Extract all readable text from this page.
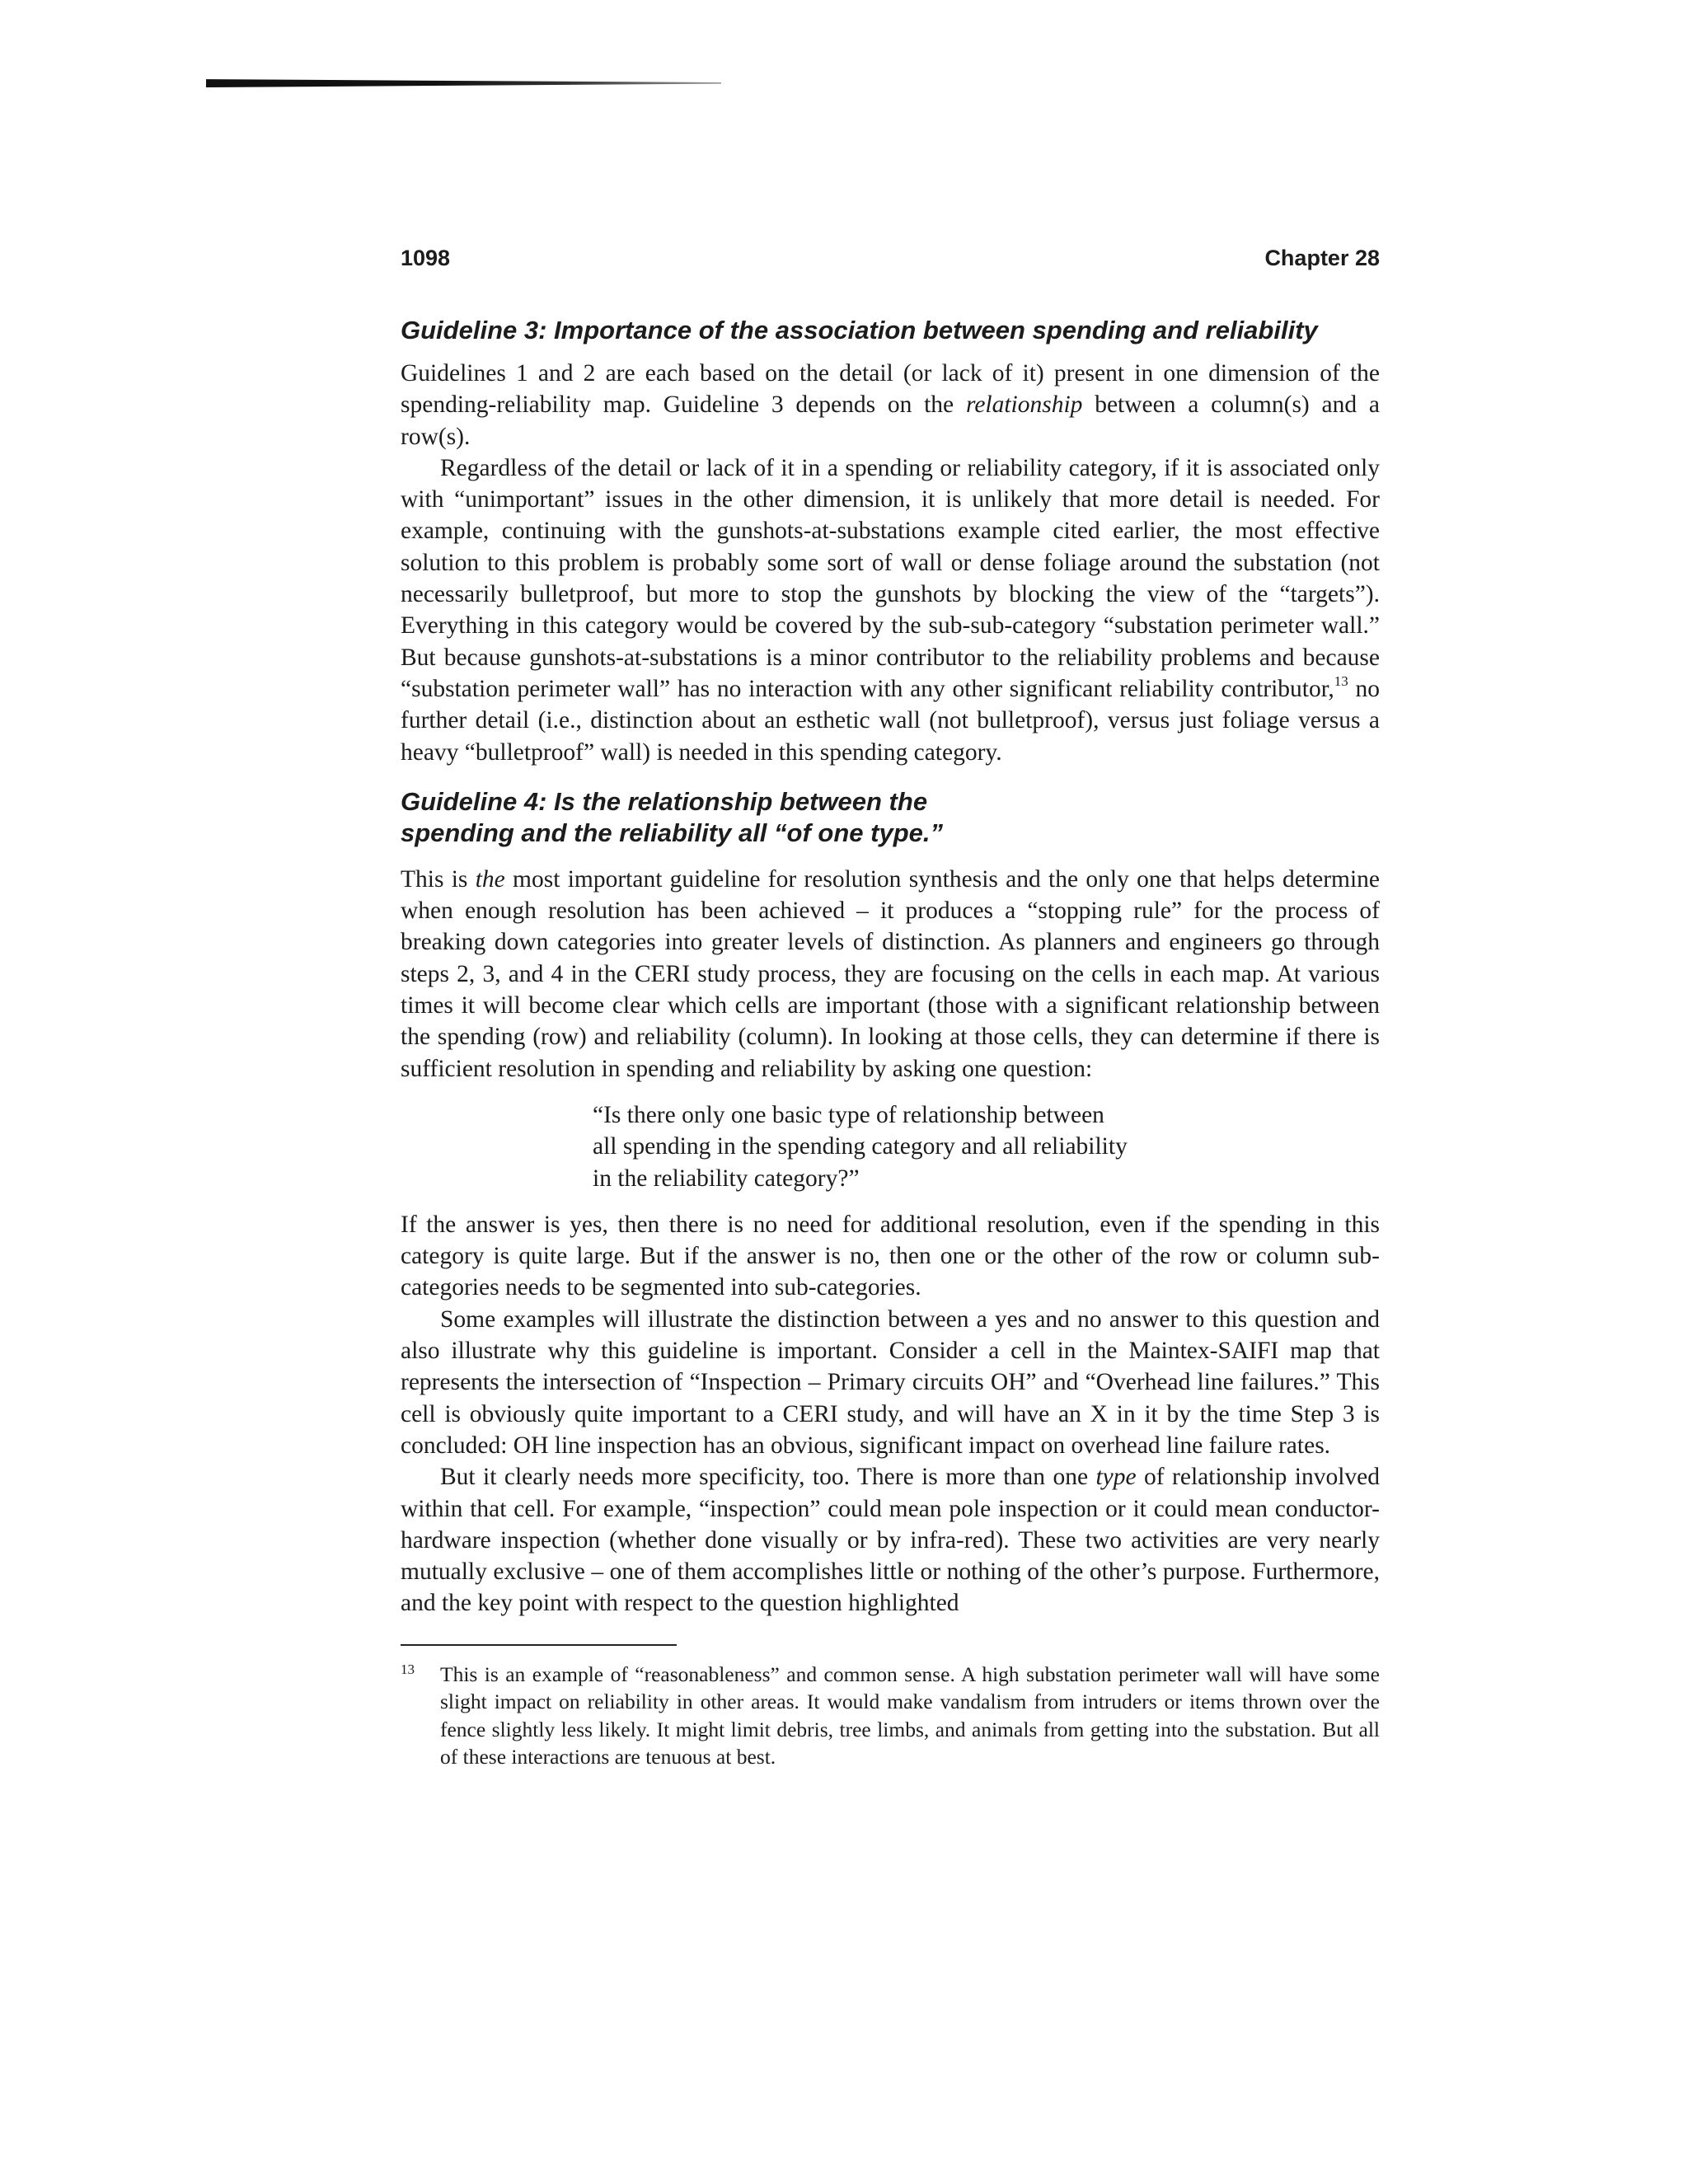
1098	Chapter 28
Guideline 3: Importance of the association between spending and reliability

Guidelines 1 and 2 are each based on the detail (or lack of it) present in one dimension of the spending-reliability map. Guideline 3 depends on the relationship between a column(s) and a row(s).

Regardless of the detail or lack of it in a spending or reliability category, if it is associated only with “unimportant” issues in the other dimension, it is unlikely that more detail is needed. For example, continuing with the gunshots-at-substations example cited earlier, the most effective solution to this problem is probably some sort of wall or dense foliage around the substation (not necessarily bulletproof, but more to stop the gunshots by blocking the view of the “targets”). Everything in this category would be covered by the sub-sub-category “substation perimeter wall.” But because gunshots-at-substations is a minor contributor to the reliability problems and because “substation perimeter wall” has no interaction with any other significant reliability contributor,$^{13}$ no further detail (i.e., distinction about an esthetic wall (not bulletproof), versus just foliage versus a heavy “bulletproof” wall) is needed in this spending category.

Guideline 4: Is the relationship between the
spending and the reliability all “of one type.”

This is the most important guideline for resolution synthesis and the only one that helps determine when enough resolution has been achieved – it produces a “stopping rule” for the process of breaking down categories into greater levels of distinction. As planners and engineers go through steps 2, 3, and 4 in the CERI study process, they are focusing on the cells in each map. At various times it will become clear which cells are important (those with a significant relationship between the spending (row) and reliability (column). In looking at those cells, they can determine if there is sufficient resolution in spending and reliability by asking one question:

“Is there only one basic type of relationship between
all spending in the spending category and all reliability
in the reliability category?”

If the answer is yes, then there is no need for additional resolution, even if the spending in this category is quite large. But if the answer is no, then one or the other of the row or column sub-categories needs to be segmented into sub-categories.

Some examples will illustrate the distinction between a yes and no answer to this question and also illustrate why this guideline is important. Consider a cell in the Maintex-SAIFI map that represents the intersection of “Inspection – Primary circuits OH” and “Overhead line failures.” This cell is obviously quite important to a CERI study, and will have an X in it by the time Step 3 is concluded: OH line inspection has an obvious, significant impact on overhead line failure rates.

But it clearly needs more specificity, too. There is more than one type of relationship involved within that cell. For example, “inspection” could mean pole inspection or it could mean conductor-hardware inspection (whether done visually or by infra-red). These two activities are very nearly mutually exclusive – one of them accomplishes little or nothing of the other’s purpose. Furthermore, and the key point with respect to the question highlighted

13 This is an example of “reasonableness” and common sense. A high substation perimeter wall will have some slight impact on reliability in other areas. It would make vandalism from intruders or items thrown over the fence slightly less likely. It might limit debris, tree limbs, and animals from getting into the substation. But all of these interactions are tenuous at best.
